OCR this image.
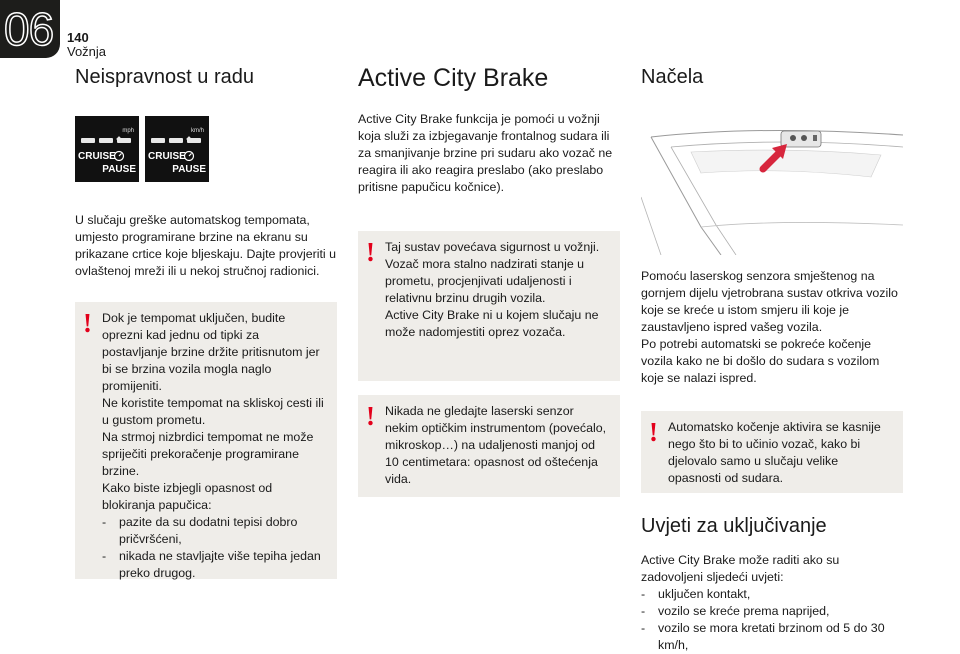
06 140
Vožnja
Neispravnost u radu
mph
CRUISE
PAUSE
km/h
CRUISE
PAUSE

U slučaju greške automatskog tempomata, umjesto programirane brzine na ekranu su prikazane crtice koje bljeskaju. Dajte provjeriti u ovlaštenoj mreži ili u nekoj stručnoj radionici.

! Dok je tempomat uključen, budite oprezni kad jednu od tipki za postavljanje brzine držite pritisnutom jer bi se brzina vozila mogla naglo promijeniti.
Ne koristite tempomat na skliskoj cesti ili u gustom prometu.
Na strmoj nizbrdici tempomat ne može spriječiti prekoračenje programirane brzine.
Kako biste izbjegli opasnost od blokiranja papučica:
- pazite da su dodatni tepisi dobro pričvršćeni,
- nikada ne stavljajte više tepiha jedan preko drugog.
Active City Brake

Active City Brake funkcija je pomoći u vožnji koja služi za izbjegavanje frontalnog sudara ili za smanjivanje brzine pri sudaru ako vozač ne reagira ili ako reagira preslabo (ako preslabo pritisne papučicu kočnice).

! Taj sustav povećava sigurnost u vožnji. Vozač mora stalno nadzirati stanje u prometu, procjenjivati udaljenosti i relativnu brzinu drugih vozila.
Active City Brake ni u kojem slučaju ne može nadomjestiti oprez vozača.
! Nikada ne gledajte laserski senzor nekim optičkim instrumentom (povećalo, mikroskop…) na udaljenosti manjoj od 10 centimetara: opasnost od oštećenja vida.
Načela

Pomoću laserskog senzora smještenog na gornjem dijelu vjetrobrana sustav otkriva vozilo koje se kreće u istom smjeru ili koje je zaustavljeno ispred vašeg vozila.
Po potrebi automatski se pokreće kočenje vozila kako ne bi došlo do sudara s vozilom koje se nalazi ispred.

! Automatsko kočenje aktivira se kasnije nego što bi to učinio vozač, kako bi djelovalo samo u slučaju velike opasnosti od sudara.
Uvjeti za uključivanje

Active City Brake može raditi ako su zadovoljeni sljedeći uvjeti:

- uključen kontakt,
- vozilo se kreće prema naprijed,
- vozilo se mora kretati brzinom od 5 do 30 km/h,
